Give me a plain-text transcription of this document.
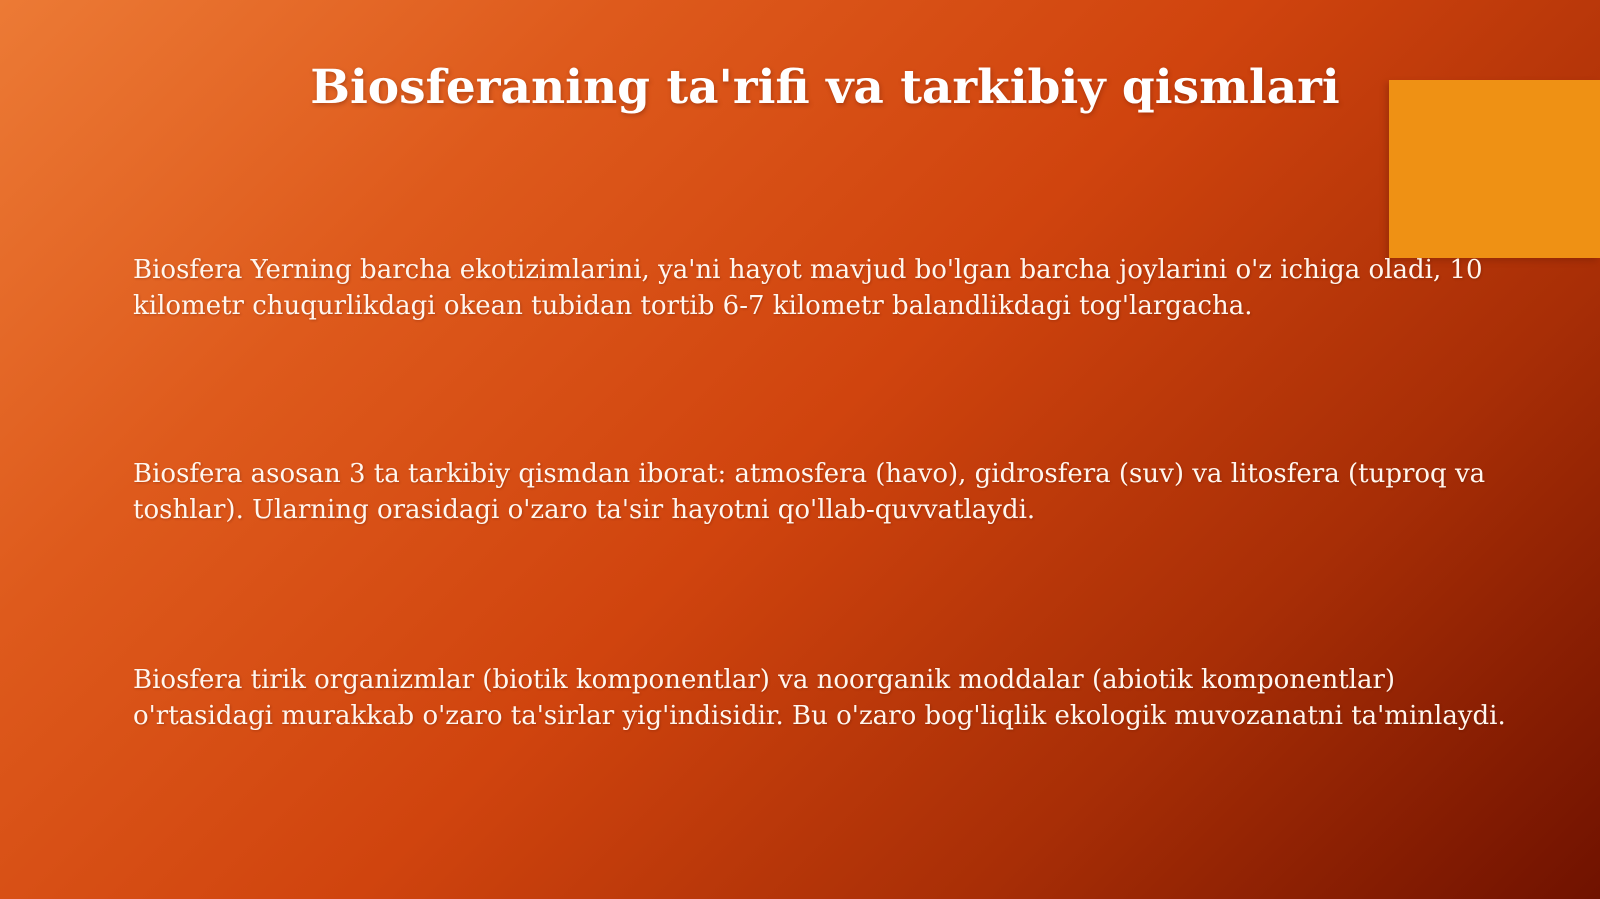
Biosferaning ta'rifi va tarkibiy qismlari

Biosfera Yerning barcha ekotizimlarini, ya'ni hayot mavjud bo'lgan barcha joylarini o'z ichiga oladi, 10 kilometr chuqurlikdagi okean tubidan tortib 6-7 kilometr balandlikdagi tog'largacha.

Biosfera asosan 3 ta tarkibiy qismdan iborat: atmosfera (havo), gidrosfera (suv) va litosfera (tuproq va toshlar). Ularning orasidagi o'zaro ta'sir hayotni qo'llab-quvvatlaydi.

Biosfera tirik organizmlar (biotik komponentlar) va noorganik moddalar (abiotik komponentlar) o'rtasidagi murakkab o'zaro ta'sirlar yig'indisidir. Bu o'zaro bog'liqlik ekologik muvozanatni ta'minlaydi.
